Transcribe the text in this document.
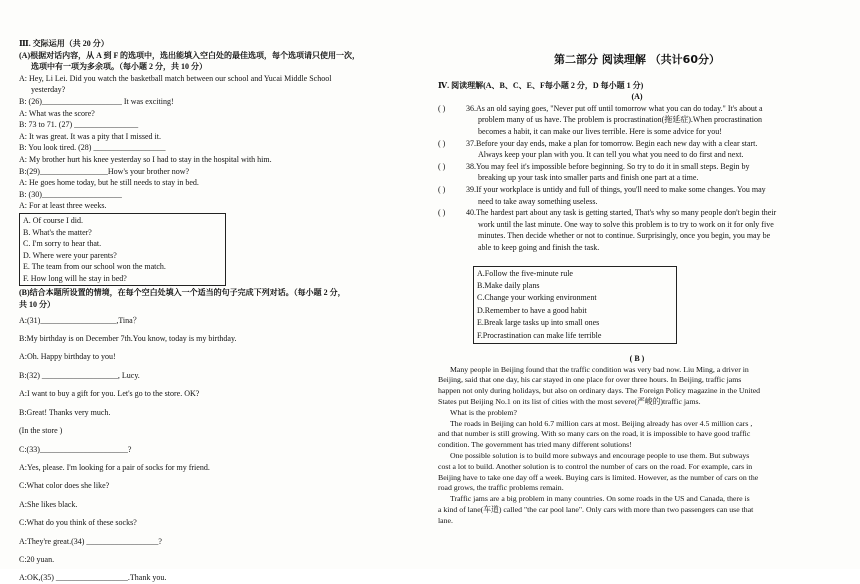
Ⅲ. 交际运用（共 20 分）
(A)根据对话内容，从 A 到 F 的选项中，选出能填入空白处的最佳选项，每个选项请只使用一次，
选项中有一项为多余项。（每小题 2 分，共 10 分）
A: Hey, Li Lei. Did you watch the basketball match between our school and Yucai Middle School
yesterday?
B: (26)____________________ It was exciting!
A: What was the score?
B: 73 to 71. (27) ________________
A: It was great. It was a pity that I missed it.
B: You look tired. (28) __________________
A: My brother hurt his knee yesterday so I had to stay in the hospital with him.
B:(29)_________________How's your brother now?
A: He goes home today, but he still needs to stay in bed.
B: (30)____________________
A: For at least three weeks.
A. Of course I did.
B. What's the matter?
C. I'm sorry to hear that.
D. Where were your parents?
E. The team from our school won the match.
F. How long will he stay in bed?
(B)结合本题所设置的情境，在每个空白处填入一个适当的句子完成下列对话。（每小题 2 分，
共 10 分）
A:(31)___________________,Tina？
B:My birthday is on December 7th.You know, today is my birthday.
A:Oh. Happy birthday to you!
B:(32) ___________________, Lucy.
A:I want to buy a gift for you. Let's go to the store. OK?
B:Great! Thanks very much.
(In the store )
C:(33)______________________?
A:Yes, please. I'm looking for a pair of socks for my friend.
C:What color does she like?
A:She likes black.
C:What do you think of these socks?
A:They're great.(34) __________________?
C:20 yuan.
A:OK,(35) __________________.Thank you.
第二部分 阅读理解 （共计60分）
Ⅳ. 阅读理解(A、B、C、E、F每小题 2 分，D 每小题 1 分)
(A)
( )	36.As an old saying goes, "Never put off until tomorrow what you can do today." It's about a
problem many of us have. The problem is procrastination(拖延症).When procrastination
becomes a habit, it can make our lives terrible. Here is some advice for you!
( )	37.Before your day ends, make a plan for tomorrow. Begin each new day with a clear start.
Always keep your plan with you. It can tell you what you need to do first and next.
( )	38.You may feel it's impossible before beginning. So try to do it in small steps. Begin by
breaking up your task into smaller parts and finish one part at a time.
( )	39.If your workplace is untidy and full of things, you'll need to make some changes. You may
need to take away something useless.
( )	40.The hardest part about any task is getting started, That's why so many people don't begin their
work until the last minute. One way to solve this problem is to try to work on it for only five
minutes. Then decide whether or not to continue. Surprisingly, once you begin, you may be
able to keep going and finish the task.
A.Follow the five-minute rule
B.Make daily plans
C.Change your working environment
D.Remember to have a good habit
E.Break large tasks up into small ones
F.Procrastination can make life terrible
( B )
Many people in Beijing found that the traffic condition was very bad now. Liu Ming, a driver in
Beijing, said that one day, his car stayed in one place for over three hours. In Beijing, traffic jams
happen not only during holidays, but also on ordinary days. The Foreign Policy magazine in the United
States put Beijing No.1 on its list of cities with the most severe(严峻的)traffic jams.
What is the problem?
The roads in Beijing can hold 6.7 million cars at most. Beijing already has over 4.5 million cars ,
and that number is still growing. With so many cars on the road, it is impossible to have good traffic
condition. The government has tried many different solutions!
One possible solution is to build more subways and encourage people to use them. But subways
cost a lot to build. Another solution is to control the number of cars on the road. For example, cars in
Beijing have to take one day off a week. Buying cars is limited. However, as the number of cars on the
road grows, the traffic problems remain.
Traffic jams are a big problem in many countries. On some roads in the US and Canada, there is
a kind of lane(车道) called "the car pool lane". Only cars with more than two passengers can use that
lane.
